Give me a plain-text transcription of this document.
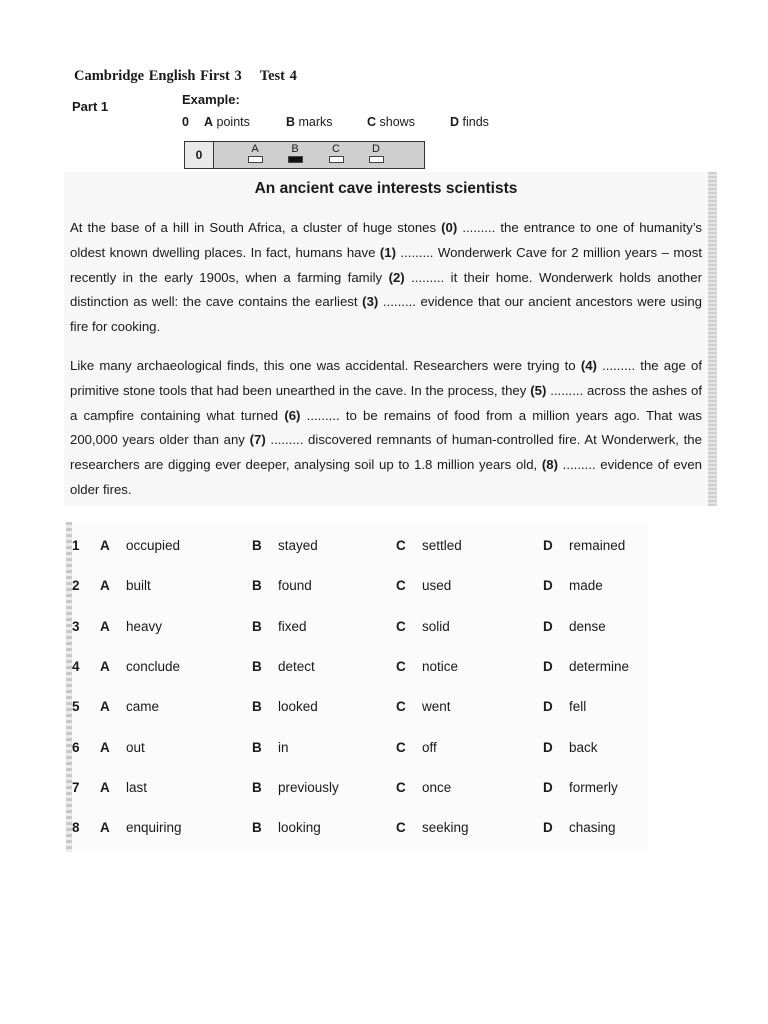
Cambridge English First 3 Test 4
Part 1	Example:
0 A points	B marks	C shows	D finds
0	A	B	C	D
An ancient cave interests scientists
At the base of a hill in South Africa, a cluster of huge stones (0) ......... the entrance to one of humanity’s oldest known dwelling places. In fact, humans have (1) ......... Wonderwerk Cave for 2 million years – most recently in the early 1900s, when a farming family (2) ......... it their home. Wonderwerk holds another distinction as well: the cave contains the earliest (3) ......... evidence that our ancient ancestors were using fire for cooking.
Like many archaeological finds, this one was accidental. Researchers were trying to (4) ......... the age of primitive stone tools that had been unearthed in the cave. In the process, they (5) ......... across the ashes of a campfire containing what turned (6) ......... to be remains of food from a million years ago. That was 200,000 years older than any (7) ......... discovered remnants of human-controlled fire. At Wonderwerk, the researchers are digging ever deeper, analysing soil up to 1.8 million years old, (8) ......... evidence of even older fires.
1 A occupied	B stayed	C settled	D remained
2 A built	B found	C used	D made
3 A heavy	B fixed	C solid	D dense
4 A conclude	B detect	C notice	D determine
5 A came	B looked	C went	D fell
6 A out	B in	C off	D back
7 A last	B previously	C once	D formerly
8 A enquiring	B looking	C seeking	D chasing
